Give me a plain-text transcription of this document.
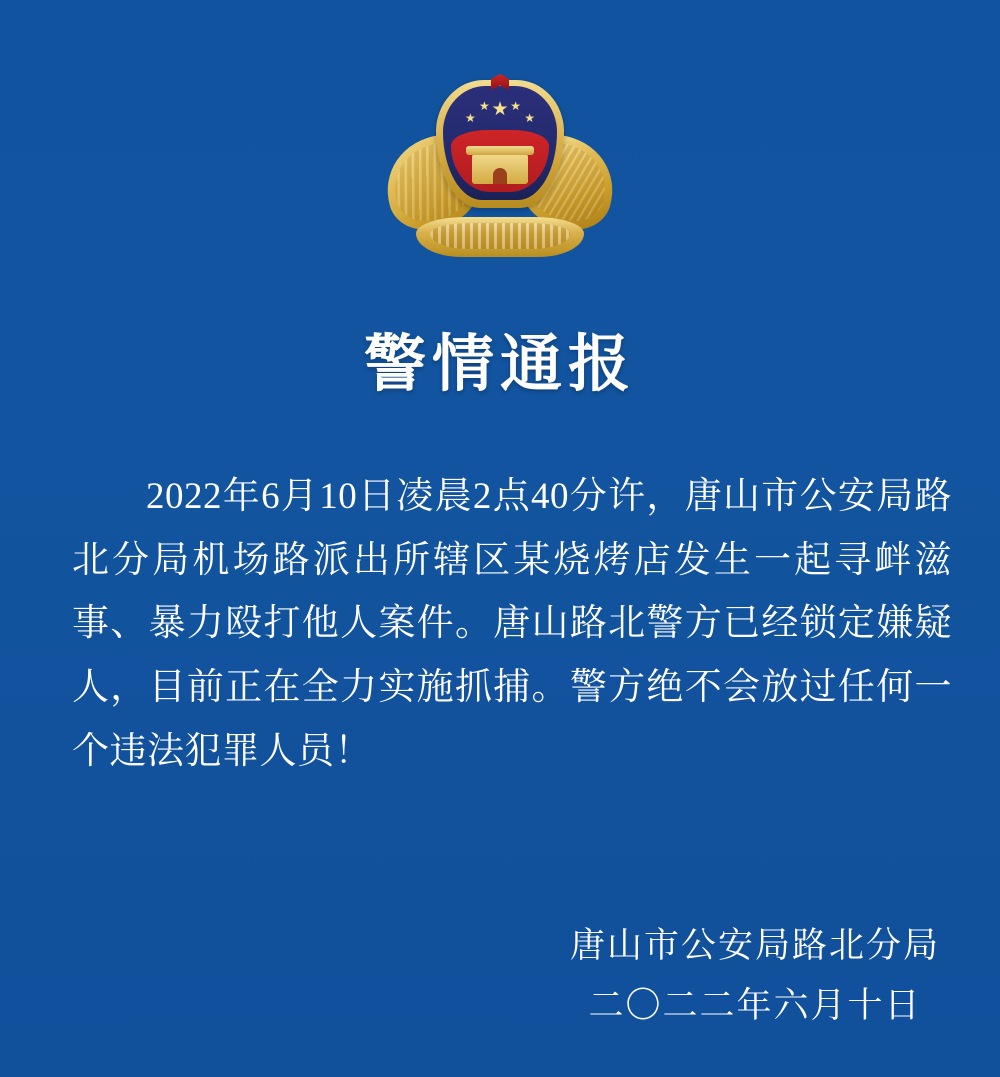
★
★
★ ★
★
警情通报

2022年6月10日凌晨2点40分许，唐山市公安局路北分局机场路派出所辖区某烧烤店发生一起寻衅滋事、暴力殴打他人案件。唐山路北警方已经锁定嫌疑人，目前正在全力实施抓捕。警方绝不会放过任何一个违法犯罪人员！

唐山市公安局路北分局
二〇二二年六月十日
